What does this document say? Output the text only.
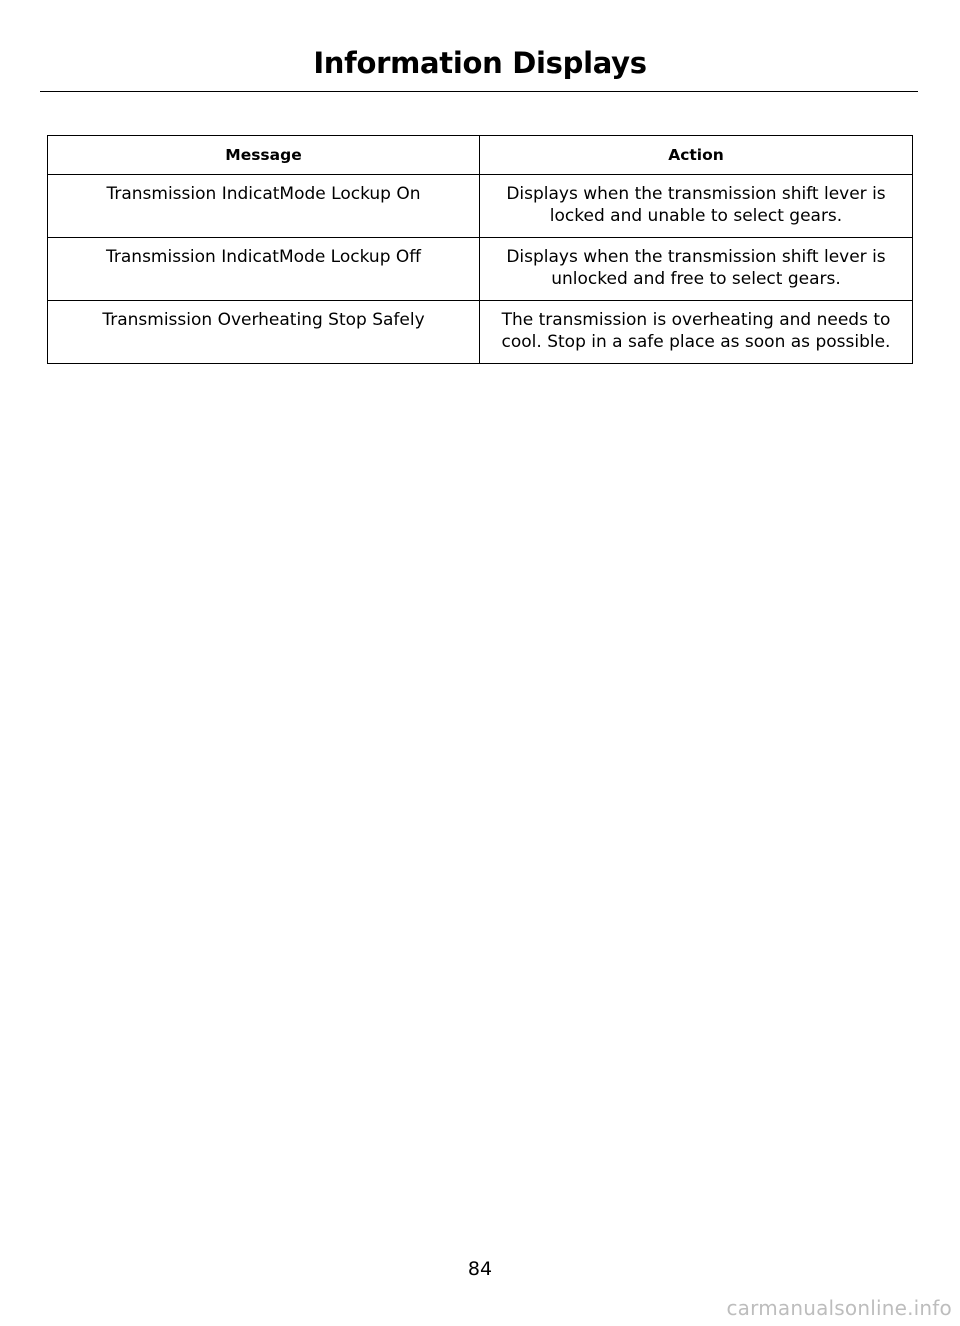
Information Displays
Message	Action
Transmission IndicatMode Lockup On	Displays when the transmission shift lever is locked and unable to select gears.
Transmission IndicatMode Lockup Off	Displays when the transmission shift lever is unlocked and free to select gears.
Transmission Overheating Stop Safely	The transmission is overheating and needs to cool. Stop in a safe place as soon as possible.
84
carmanualsonline.info
